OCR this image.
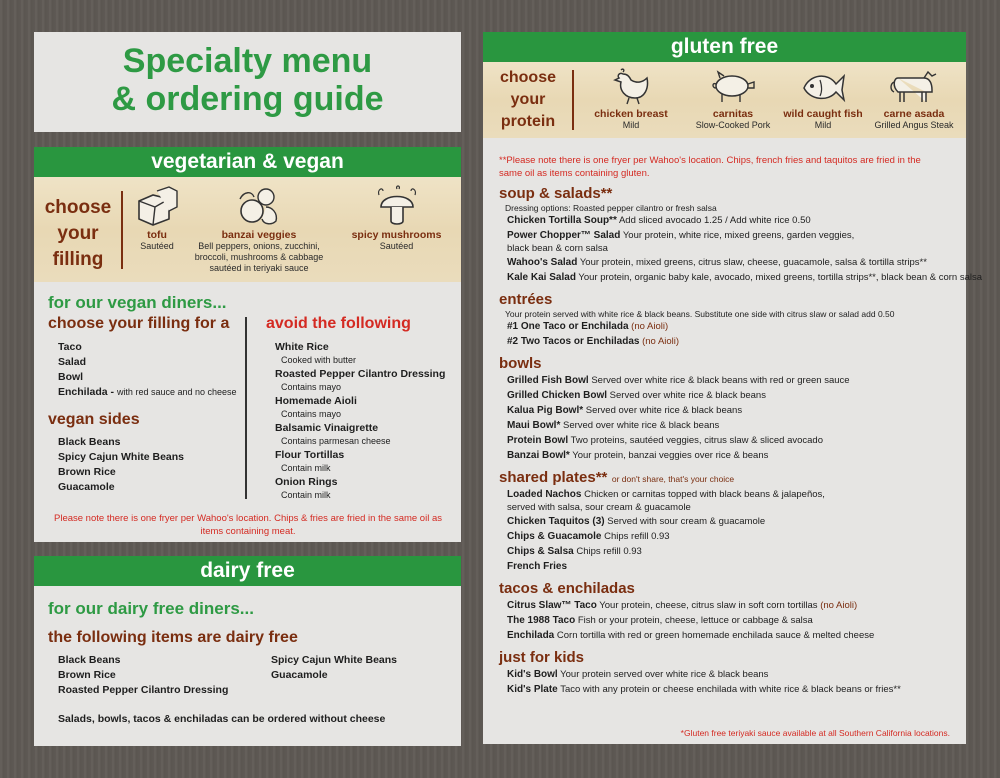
Specialty menu
& ordering guide
vegetarian & vegan
choose
your
filling
tofu
Sautéed
banzai veggies
Bell peppers, onions, zucchini, broccoli, mushrooms & cabbage sautéed in teriyaki sauce
spicy mushrooms
Sautéed
for our vegan diners...
choose your filling for a
Taco
Salad
Bowl
Enchilada - with red sauce and no cheese
vegan sides
Black Beans
Spicy Cajun White Beans
Brown Rice
Guacamole
avoid the following
White Rice
Cooked with butter
Roasted Pepper Cilantro Dressing
Contains mayo
Homemade Aioli
Contains mayo
Balsamic Vinaigrette
Contains parmesan cheese
Flour Tortillas
Contain milk
Onion Rings
Contain milk
Please note there is one fryer per Wahoo's location. Chips & fries are fried in the same oil as items containing meat.
dairy free
for our dairy free diners...
the following items are dairy free
Black Beans
Brown Rice
Roasted Pepper Cilantro Dressing
Spicy Cajun White Beans
Guacamole
Salads, bowls, tacos & enchiladas can be ordered without cheese
gluten free
choose
your
protein	chicken breast
Mild
carnitas
Slow-Cooked Pork
wild caught fish
Mild
carne asada
Grilled Angus Steak
**Please note there is one fryer per Wahoo's location. Chips, french fries and taquitos are fried in the same oil as items containing gluten.
soup & salads**
Dressing options: Roasted pepper cilantro or fresh salsa
Chicken Tortilla Soup** Add sliced avocado 1.25 / Add white rice 0.50
Power Chopper™ Salad Your protein, white rice, mixed greens, garden veggies,
black bean & corn salsa
Wahoo's Salad Your protein, mixed greens, citrus slaw, cheese, guacamole, salsa & tortilla strips**
Kale Kai Salad Your protein, organic baby kale, avocado, mixed greens, tortilla strips**, black bean & corn salsa
entrées
Your protein served with white rice & black beans. Substitute one side with citrus slaw or salad add 0.50
#1 One Taco or Enchilada (no Aioli)
#2 Two Tacos or Enchiladas (no Aioli)
bowls
Grilled Fish Bowl Served over white rice & black beans with red or green sauce
Grilled Chicken Bowl Served over white rice & black beans
Kalua Pig Bowl* Served over white rice & black beans
Maui Bowl* Served over white rice & black beans
Protein Bowl Two proteins, sautéed veggies, citrus slaw & sliced avocado
Banzai Bowl* Your protein, banzai veggies over rice & beans
shared plates** or don't share, that's your choice
Loaded Nachos Chicken or carnitas topped with black beans & jalapeños,
served with salsa, sour cream & guacamole
Chicken Taquitos (3) Served with sour cream & guacamole
Chips & Guacamole Chips refill 0.93
Chips & Salsa Chips refill 0.93
French Fries
tacos & enchiladas
Citrus Slaw™ Taco Your protein, cheese, citrus slaw in soft corn tortillas (no Aioli)
The 1988 Taco Fish or your protein, cheese, lettuce or cabbage & salsa
Enchilada Corn tortilla with red or green homemade enchilada sauce & melted cheese
just for kids
Kid's Bowl Your protein served over white rice & black beans
Kid's Plate Taco with any protein or cheese enchilada with white rice & black beans or fries**
*Gluten free teriyaki sauce available at all Southern California locations.
